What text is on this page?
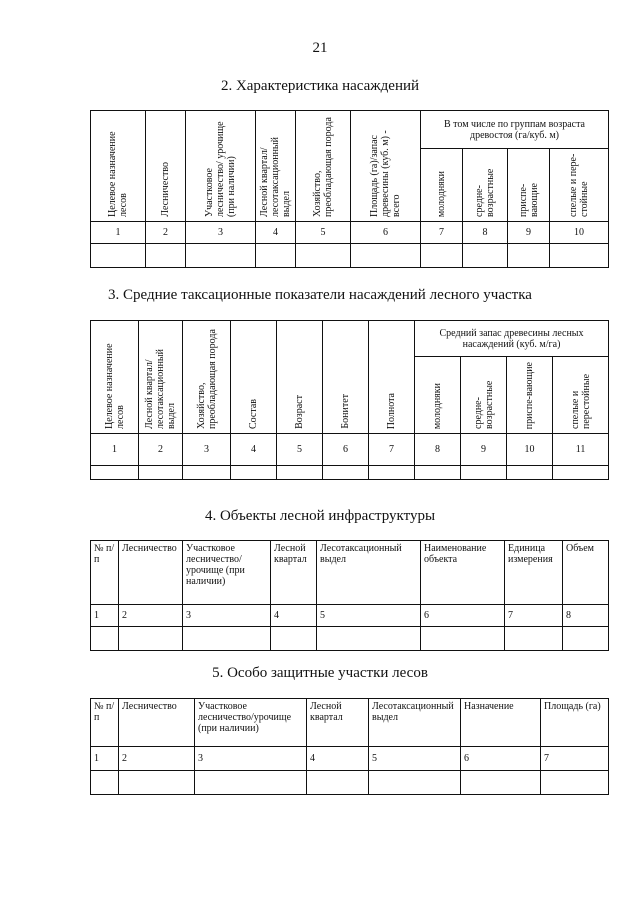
21
2. Характеристика насаждений
Целевое назначение лесов	Лесничество	Участковое лесничество/ урочище (при наличии)	Лесной квартал/ лесотаксационный выдел	Хозяйство, преобладающая порода	Площадь (га)/запас древесины (куб. м) - всего	В том числе по группам возраста древостоя (га/куб. м)			

						молодняки	средне-возрастные	приспе-вающие	спелые и пере-стойные

1	2	3	4	5	6	7	8	9	10

3. Средние таксационные показатели насаждений лесного участка
Целевое назначение лесов	Лесной квартал/ лесотаксационный выдел	Хозяйство, преобладающая порода	Состав	Возраст	Бонитет	Полнота	Средний запас древесины лесных насаждений (куб. м/га)			

							молодняки	средне-возрастные	приспе-вающие	спелые и перестойные

1	2	3	4	5	6	7	8	9	10	11

4. Объекты лесной инфраструктуры
№ п/п	Лесничество	Участковое лесничество/ урочище (при наличии)	Лесной квартал	Лесотаксационный выдел	Наименование объекта	Единица измерения	Объем
1	2	3	4	5	6	7	8

5. Особо защитные участки лесов
№ п/п	Лесничество	Участковое лесничество/урочище (при наличии)	Лесной квартал	Лесотаксационный выдел	Назначение	Площадь (га)
1	2	3	4	5	6	7
